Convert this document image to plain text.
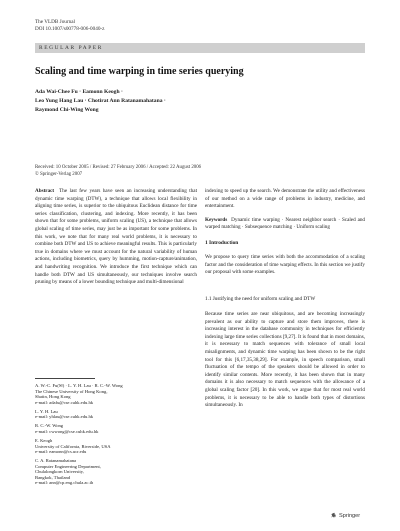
The VLDB Journal
DOI 10.1007/s00778-006-0040-z
REGULAR PAPER
Scaling and time warping in time series querying
Ada Wai-Chee Fu · Eamonn Keogh ·
Leo Yung Hang Lau · Chotirat Ann Ratanamahatana ·
Raymond Chi-Wing Wong
Received: 10 October 2005 / Revised: 27 February 2006 / Accepted: 22 August 2006
© Springer-Verlag 2007
Abstract The last few years have seen an increasing understanding that dynamic time warping (DTW), a technique that allows local flexibility in aligning time series, is superior to the ubiquitous Euclidean distance for time series classification, clustering, and indexing. More recently, it has been shown that for some problems, uniform scaling (US), a technique that allows global scaling of time series, may just be as important for some problems. In this work, we note that for many real world problems, it is necessary to combine both DTW and US to achieve meaningful results. This is particularly true in domains where we must account for the natural variability of human actions, including biometrics, query by humming, motion-capture/animation, and handwriting recognition. We introduce the first technique which can handle both DTW and US simultaneously, our techniques involve search pruning by means of a lower bounding technique and multi-dimensional
indexing to speed up the search. We demonstrate the utility and effectiveness of our method on a wide range of problems in industry, medicine, and entertainment.
Keywords Dynamic time warping · Nearest neighbor search · Scaled and warped matching · Subsequence matching · Uniform scaling
1 Introduction
We propose to query time series with both the accommodation of a scaling factor and the consideration of time warping effects. In this section we justify our proposal with some examples.
1.1 Justifying the need for uniform scaling and DTW
Because time series are near ubiquitous, and are becoming increasingly prevalent as our ability to capture and store them improves, there is increasing interest in the database community in techniques for efficiently indexing large time series collections [9,27]. It is found that in most domains, it is necessary to match sequences with tolerance of small local misalignments, and dynamic time warping has been shown to be the right tool for this [6,17,35,38,29]. For example, in speech comparison, small fluctuation of the tempo of the speakers should be allowed in order to identify similar contents. More recently, it has been shown that in many domains it is also necessary to match sequences with the allowance of a global scaling factor [20]. In this work, we argue that for most real world problems, it is necessary to be able to handle both types of distortions simultaneously. In
A. W.-C. Fu(✉) · L. Y. H. Lau · R. C.-W. Wong
The Chinese University of Hong Kong,
Shatin, Hong Kong
e-mail: adafu@cse.cuhk.edu.hk
L. Y. H. Lau
e-mail: yhlau@cse.cuhk.edu.hk
R. C.-W. Wong
e-mail: cwwong@cse.cuhk.edu.hk
E. Keogh
University of California, Riverside, USA
e-mail: eamonn@cs.ucr.edu
C. A. Ratanamahatana
Computer Engineering Department,
Chulalongkorn University,
Bangkok, Thailand
e-mail: ann@cp.eng.chula.ac.th
Springer
